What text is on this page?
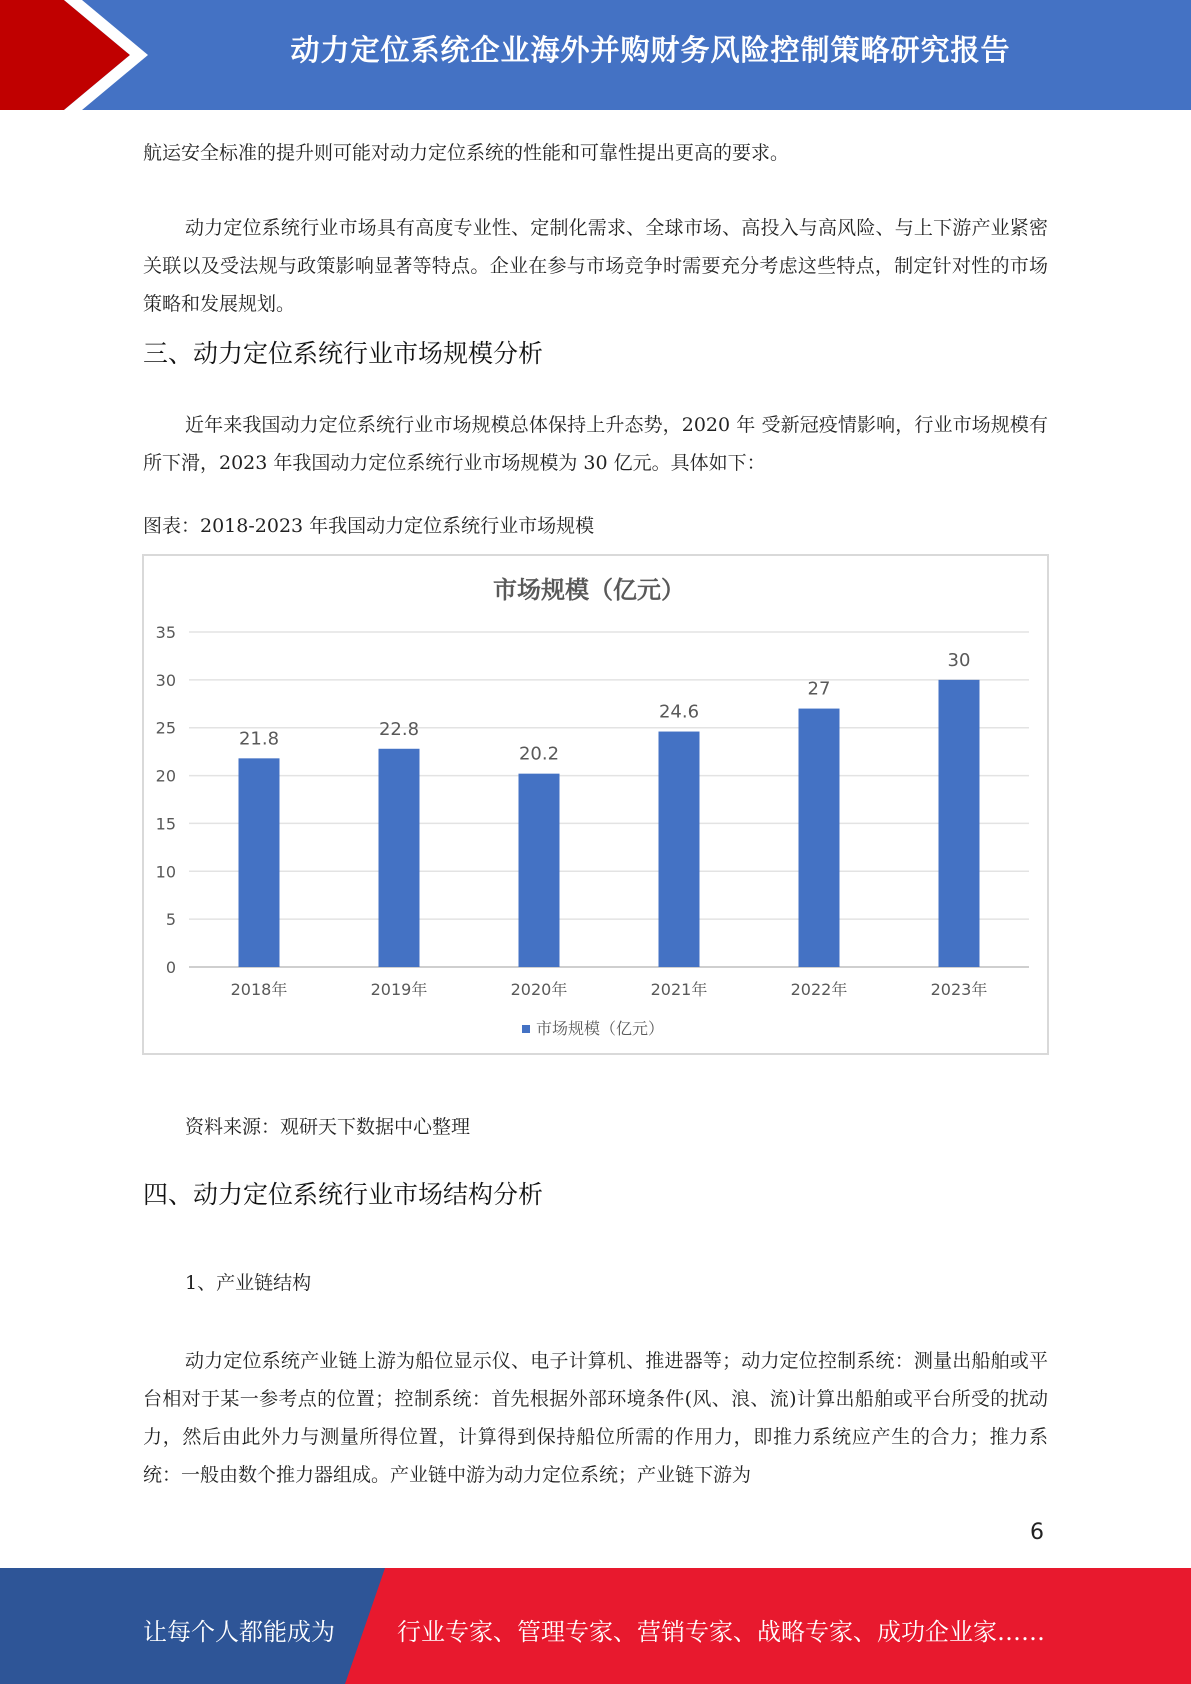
动力定位系统企业海外并购财务风险控制策略研究报告
航运安全标准的提升则可能对动力定位系统的性能和可靠性提出更高的要求。
动力定位系统行业市场具有高度专业性、定制化需求、全球市场、高投入与高风险、与上下游产业紧密关联以及受法规与政策影响显著等特点。企业在参与市场竞争时需要充分考虑这些特点，制定针对性的市场策略和发展规划。
三、动力定位系统行业市场规模分析
近年来我国动力定位系统行业市场规模总体保持上升态势，2020 年 受新冠疫情影响，行业市场规模有所下滑，2023 年我国动力定位系统行业市场规模为 30 亿元。具体如下：
图表：2018-2023 年我国动力定位系统行业市场规模
市场规模（亿元）
0
5
10
15
20
25
30
35
21.8
2018年
22.8
2019年
20.2
2020年
24.6
2021年
27
2022年
30
2023年
市场规模（亿元）
资料来源：观研天下数据中心整理
四、动力定位系统行业市场结构分析
1、产业链结构
动力定位系统产业链上游为船位显示仪、电子计算机、推进器等；动力定位控制系统：测量出船舶或平台相对于某一参考点的位置；控制系统：首先根据外部环境条件(风、浪、流)计算出船舶或平台所受的扰动力，然后由此外力与测量所得位置，计算得到保持船位所需的作用力，即推力系统应产生的合力；推力系统：一般由数个推力器组成。产业链中游为动力定位系统；产业链下游为
6
让每个人都能成为	行业专家、管理专家、营销专家、战略专家、成功企业家……
